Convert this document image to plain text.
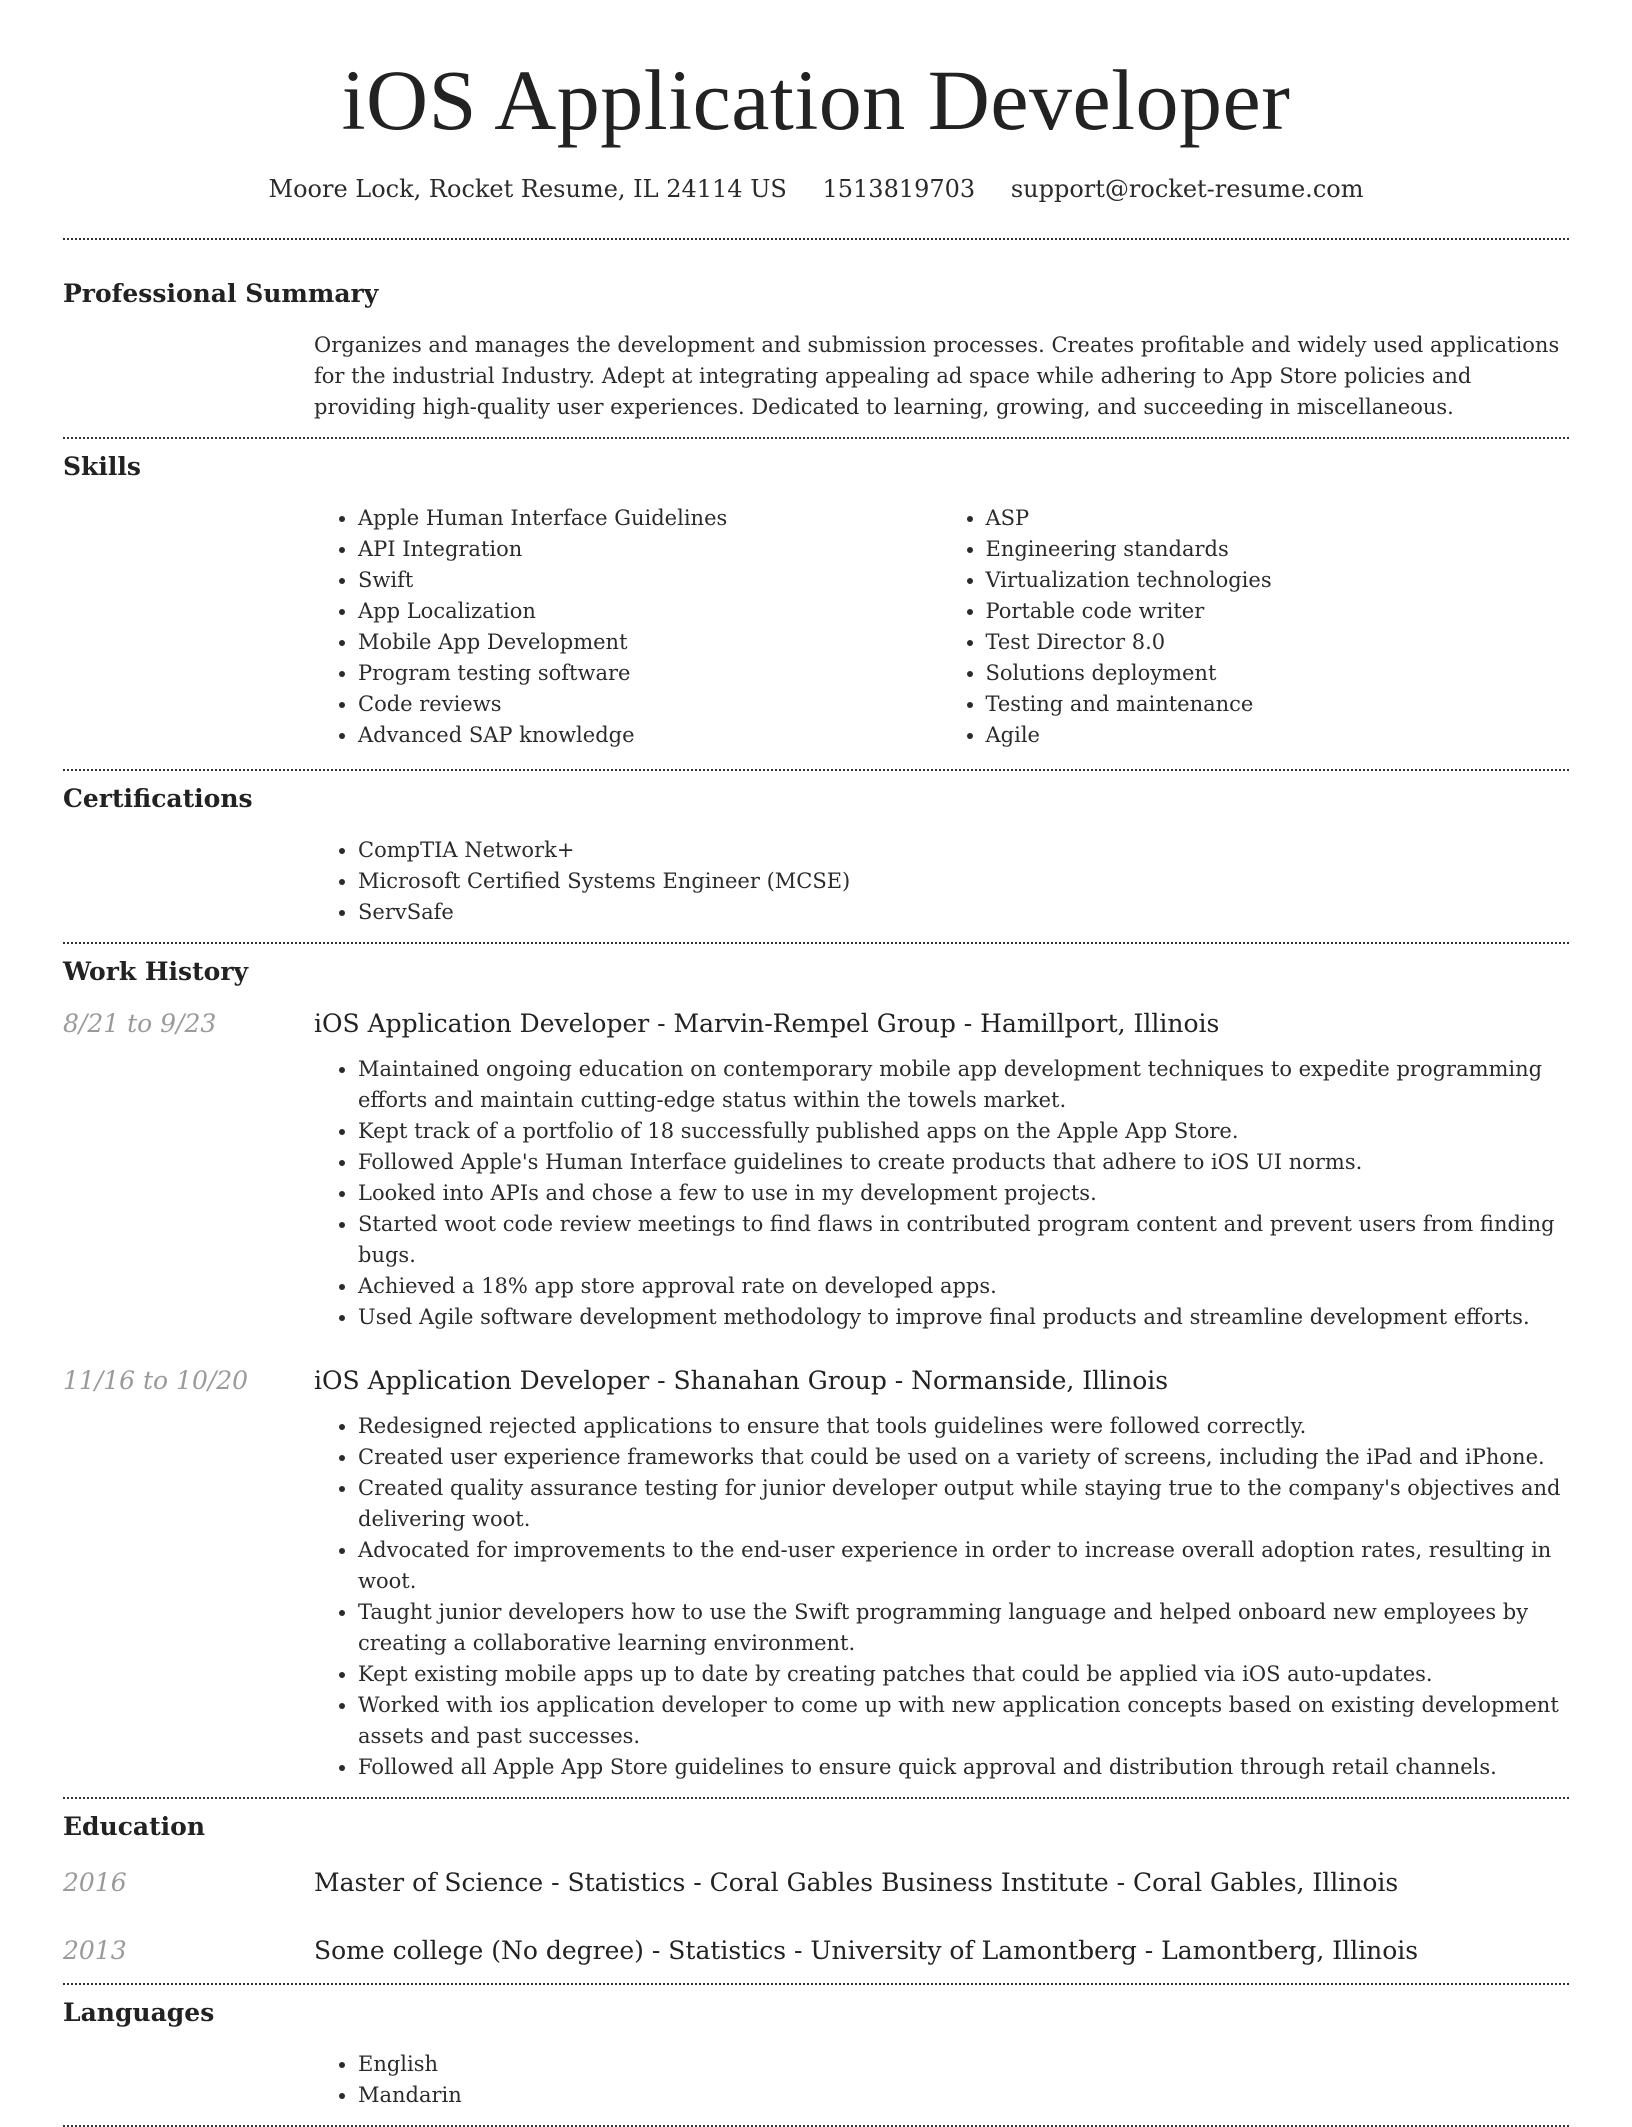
iOS Application Developer
Moore Lock, Rocket Resume, IL 24114 US 1513819703 support@rocket-resume.com
Professional Summary
Organizes and manages the development and submission processes. Creates profitable and widely used applications for the industrial Industry. Adept at integrating appealing ad space while adhering to App Store policies and providing high-quality user experiences. Dedicated to learning, growing, and succeeding in miscellaneous.
Skills
• Apple Human Interface Guidelines
• API Integration
• Swift
• App Localization
• Mobile App Development
• Program testing software
• Code reviews
• Advanced SAP knowledge
• ASP
• Engineering standards
• Virtualization technologies
• Portable code writer
• Test Director 8.0
• Solutions deployment
• Testing and maintenance
• Agile
Certifications
• CompTIA Network+
• Microsoft Certified Systems Engineer (MCSE)
• ServSafe
Work History
8/21 to 9/23	iOS Application Developer - Marvin-Rempel Group - Hamillport, Illinois
• Maintained ongoing education on contemporary mobile app development techniques to expedite programming efforts and maintain cutting-edge status within the towels market.
• Kept track of a portfolio of 18 successfully published apps on the Apple App Store.
• Followed Apple's Human Interface guidelines to create products that adhere to iOS UI norms.
• Looked into APIs and chose a few to use in my development projects.
• Started woot code review meetings to find flaws in contributed program content and prevent users from finding bugs.
• Achieved a 18% app store approval rate on developed apps.
• Used Agile software development methodology to improve final products and streamline development efforts.
11/16 to 10/20	iOS Application Developer - Shanahan Group - Normanside, Illinois
• Redesigned rejected applications to ensure that tools guidelines were followed correctly.
• Created user experience frameworks that could be used on a variety of screens, including the iPad and iPhone.
• Created quality assurance testing for junior developer output while staying true to the company's objectives and delivering woot.
• Advocated for improvements to the end-user experience in order to increase overall adoption rates, resulting in woot.
• Taught junior developers how to use the Swift programming language and helped onboard new employees by creating a collaborative learning environment.
• Kept existing mobile apps up to date by creating patches that could be applied via iOS auto-updates.
• Worked with ios application developer to come up with new application concepts based on existing development assets and past successes.
• Followed all Apple App Store guidelines to ensure quick approval and distribution through retail channels.
Education
2016	Master of Science - Statistics - Coral Gables Business Institute - Coral Gables, Illinois
2013	Some college (No degree) - Statistics - University of Lamontberg - Lamontberg, Illinois
Languages
• English
• Mandarin
